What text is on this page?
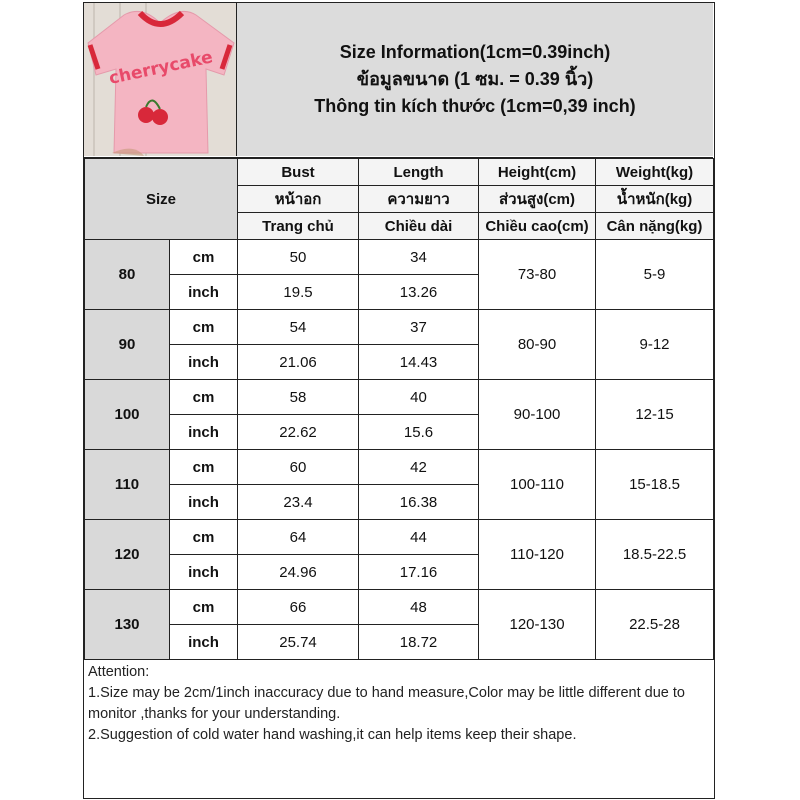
cherrycake	Size Information(1cm=0.39inch)
ข้อมูลขนาด (1 ซม. = 0.39 นิ้ว)
Thông tin kích thước (1cm=0,39 inch)
Size		Bust	Length	Height(cm)	Weight(kg)
		หน้าอก	ความยาว	ส่วนสูง(cm)	น้ำหนัก(kg)
		Trang chủ	Chiều dài	Chiều cao(cm)	Cân nặng(kg)
80	cm	50	34	73-80	5-9
	inch	19.5	13.26		
90	cm	54	37	80-90	9-12
	inch	21.06	14.43		
100	cm	58	40	90-100	12-15
	inch	22.62	15.6		
110	cm	60	42	100-110	15-18.5
	inch	23.4	16.38		
120	cm	64	44	110-120	18.5-22.5
	inch	24.96	17.16		
130	cm	66	48	120-130	22.5-28
	inch	25.74	18.72		
Attention:
1.Size may be 2cm/1inch inaccuracy due to hand measure,Color may be little different due to monitor ,thanks for your understanding.
2.Suggestion of cold water hand washing,it can help items keep their shape.
